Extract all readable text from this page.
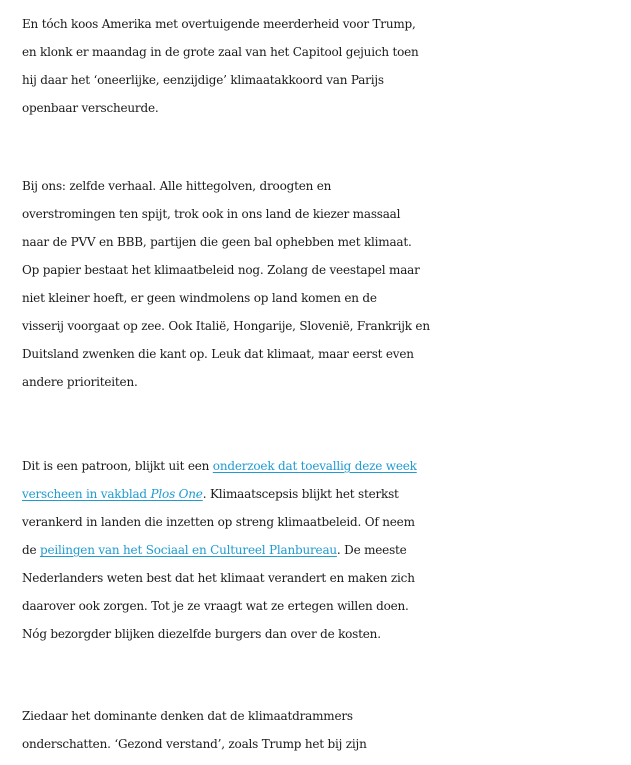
En tóch koos Amerika met overtuigende meerderheid voor Trump,
en klonk er maandag in de grote zaal van het Capitool gejuich toen
hij daar het ‘oneerlijke, eenzijdige’ klimaatakkoord van Parijs
openbaar verscheurde.

Bij ons: zelfde verhaal. Alle hittegolven, droogten en
overstromingen ten spijt, trok ook in ons land de kiezer massaal
naar de PVV en BBB, partijen die geen bal ophebben met klimaat.
Op papier bestaat het klimaatbeleid nog. Zolang de veestapel maar
niet kleiner hoeft, er geen windmolens op land komen en de
visserij voorgaat op zee. Ook Italië, Hongarije, Slovenië, Frankrijk en
Duitsland zwenken die kant op. Leuk dat klimaat, maar eerst even
andere prioriteiten.

Dit is een patroon, blijkt uit een onderzoek dat toevallig deze week
verscheen in vakblad Plos One. Klimaatscepsis blijkt het sterkst
verankerd in landen die inzetten op streng klimaatbeleid. Of neem
de peilingen van het Sociaal en Cultureel Planbureau. De meeste
Nederlanders weten best dat het klimaat verandert en maken zich
daarover ook zorgen. Tot je ze vraagt wat ze ertegen willen doen.
Nóg bezorgder blijken diezelfde burgers dan over de kosten.

Ziedaar het dominante denken dat de klimaatdrammers
onderschatten. ‘Gezond verstand’, zoals Trump het bij zijn
